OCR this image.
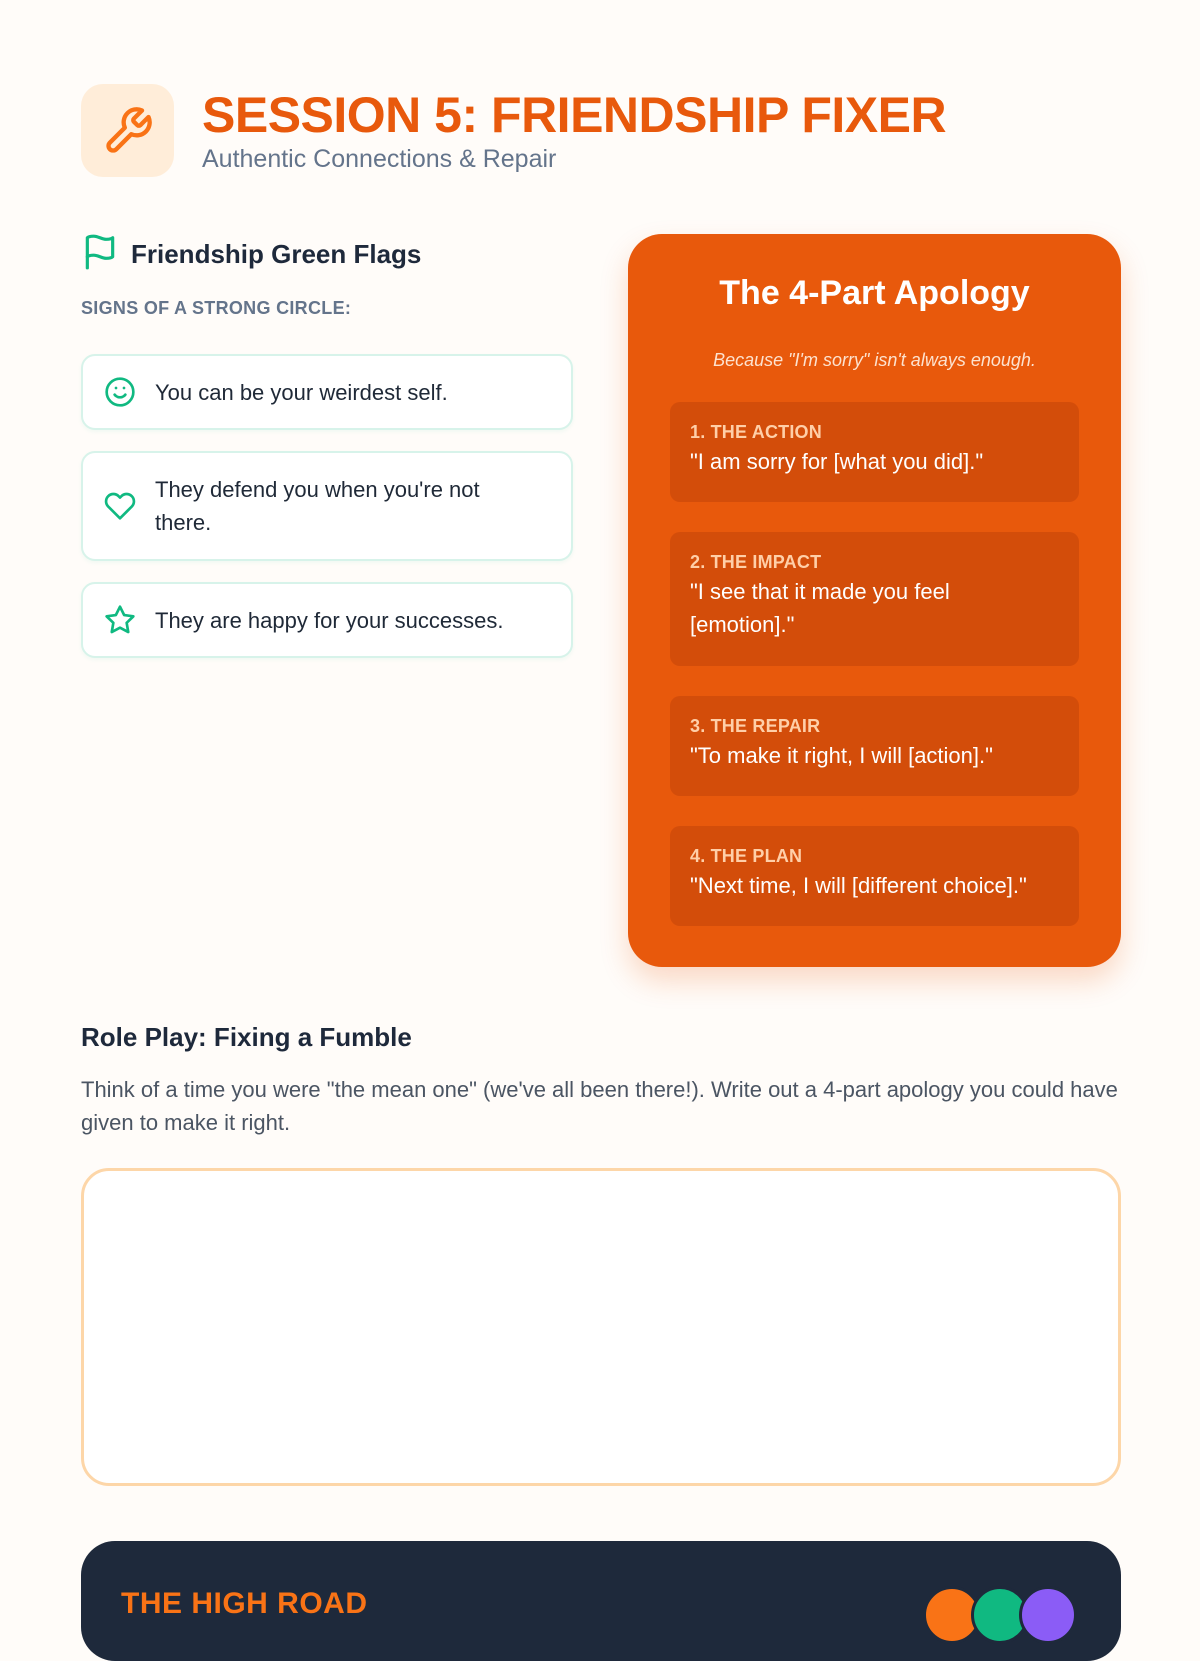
SESSION 5: FRIENDSHIP FIXER
Authentic Connections & Repair
Friendship Green Flags
SIGNS OF A STRONG CIRCLE:
You can be your weirdest self.
They defend you when you're not there.
They are happy for your successes.
The 4-Part Apology
Because "I'm sorry" isn't always enough.
1. THE ACTION
"I am sorry for [what you did]."
2. THE IMPACT
"I see that it made you feel [emotion]."
3. THE REPAIR
"To make it right, I will [action]."
4. THE PLAN
"Next time, I will [different choice]."
Role Play: Fixing a Fumble
Think of a time you were "the mean one" (we've all been there!). Write out a 4-part apology you could have given to make it right.
THE HIGH ROAD
